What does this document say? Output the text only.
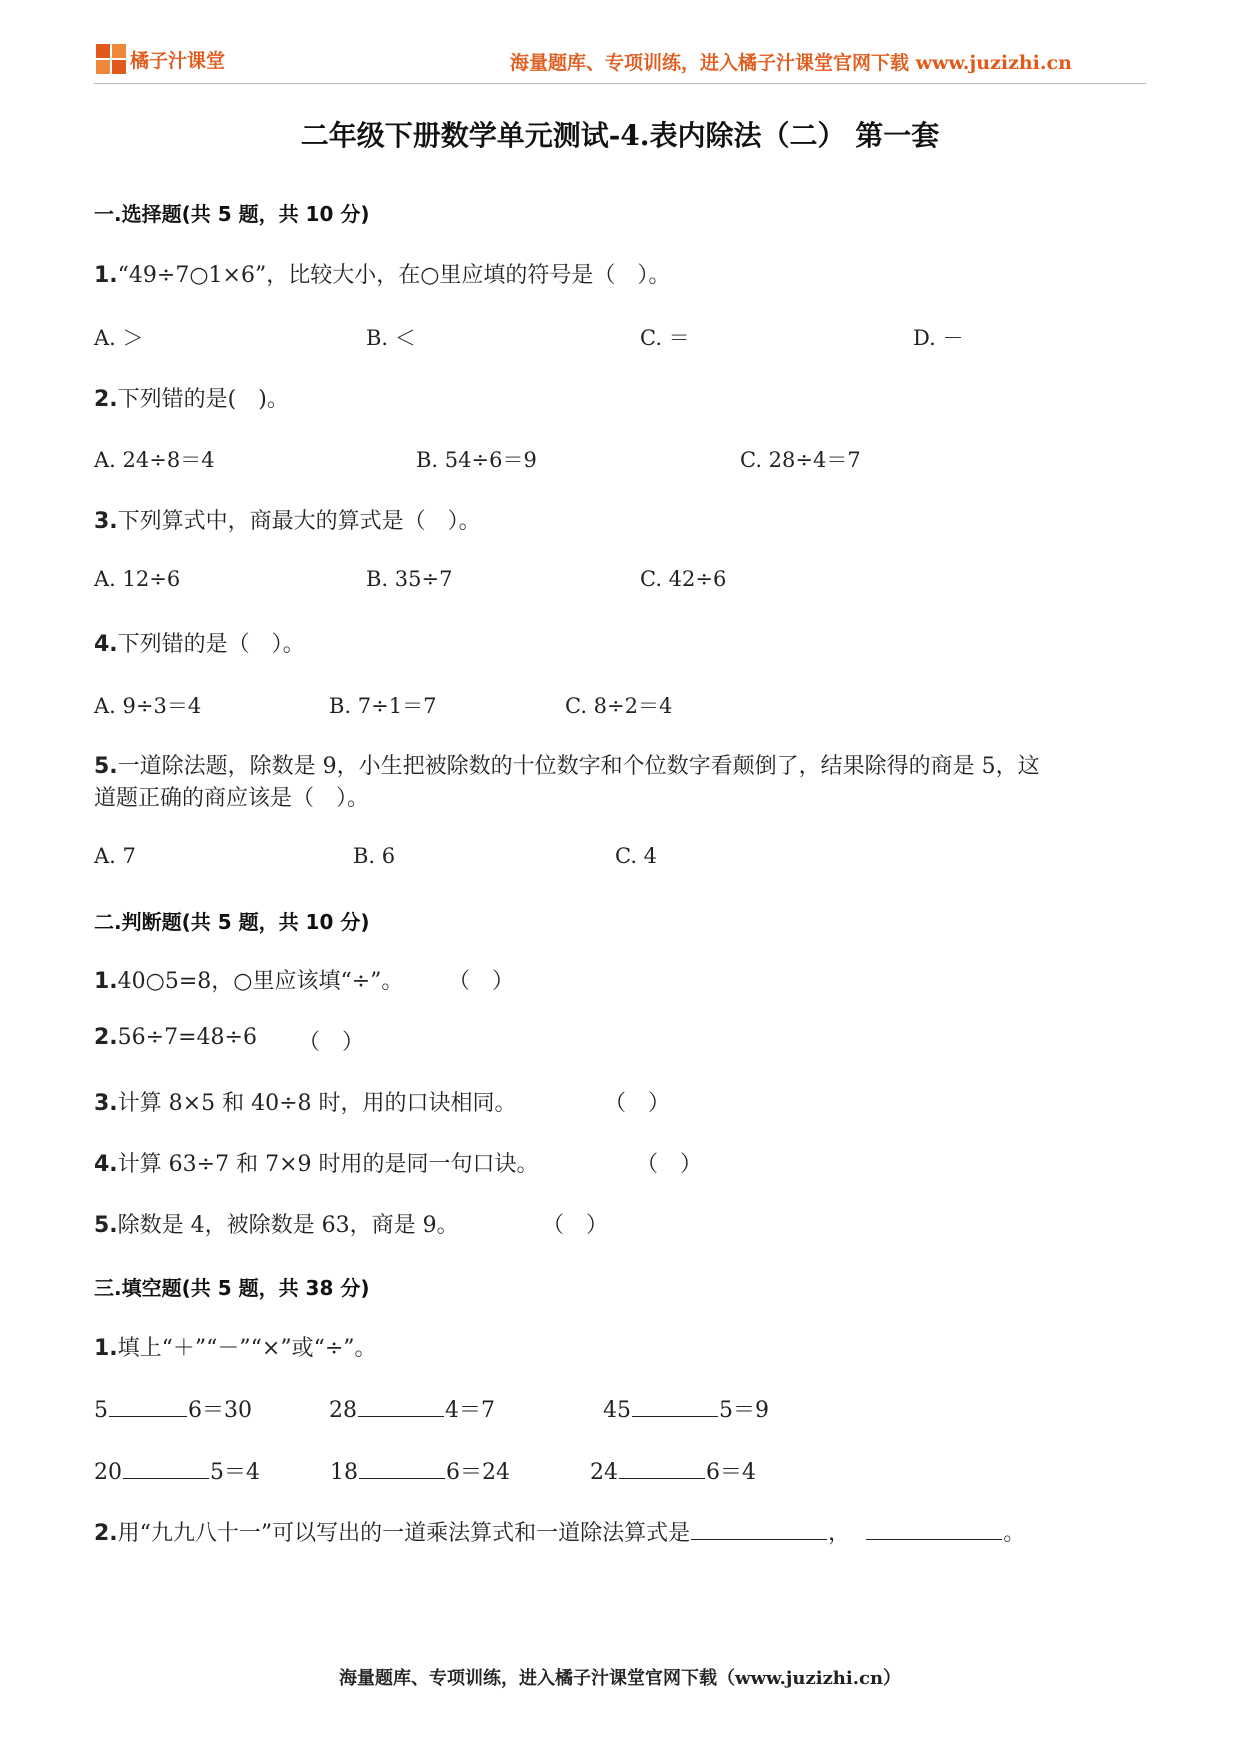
橘子汁课堂	海量题库、专项训练，进入橘子汁课堂官网下载 www.juzizhi.cn
二年级下册数学单元测试-4.表内除法（二） 第一套
一.选择题(共 5 题，共 10 分)
1.“49÷7○1×6”，比较大小，在○里应填的符号是（　）。
A. ＞	B. ＜	C. ＝	D. －
2.下列错的是(　)。
A. 24÷8＝4	B. 54÷6＝9	C. 28÷4＝7
3.下列算式中，商最大的算式是（　）。
A. 12÷6	B. 35÷7	C. 42÷6
4.下列错的是（　）。
A. 9÷3＝4	B. 7÷1＝7	C. 8÷2＝4
5.一道除法题，除数是 9，小生把被除数的十位数字和个位数字看颠倒了，结果除得的商是 5，这
道题正确的商应该是（　）。
A. 7	B. 6	C. 4
二.判断题(共 5 题，共 10 分)
1.40○5=8，○里应该填“÷”。 （　）
2.56÷7=48÷6 （　）
3.计算 8×5 和 40÷8 时，用的口诀相同。	（　）
4.计算 63÷7 和 7×9 时用的是同一句口诀。	（　）
5.除数是 4，被除数是 63，商是 9。	（　）
三.填空题(共 5 题，共 38 分)
1.填上“＋”“－”“×”或“÷”。
5	6＝30	28	4＝7	45	5＝9
20	5＝4	18	6＝24	24	6＝4
2.用“九九八十一”可以写出的一道乘法算式和一道除法算式是	，	。
海量题库、专项训练，进入橘子汁课堂官网下载（www.juzizhi.cn）
